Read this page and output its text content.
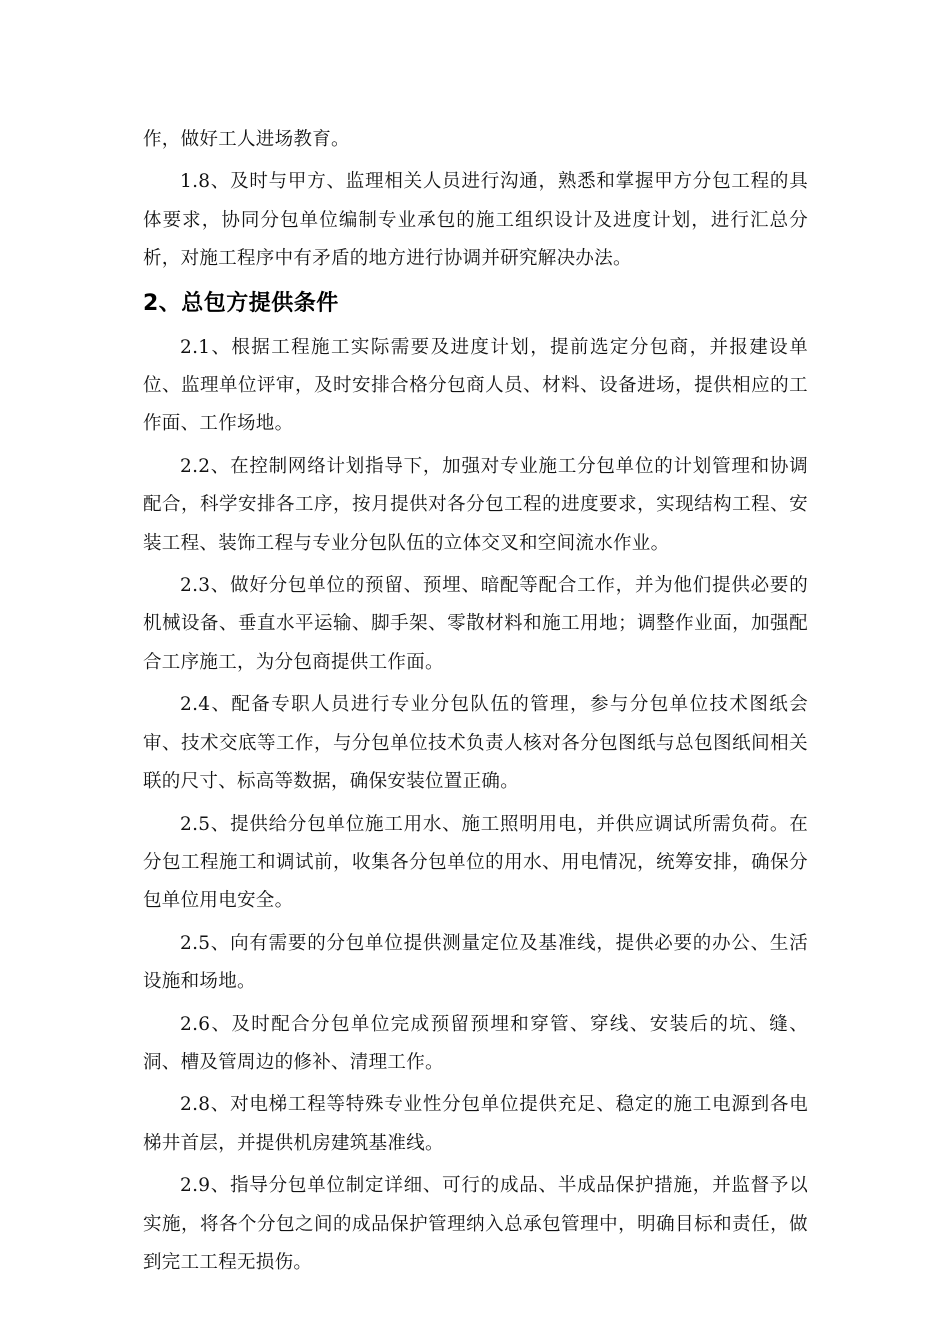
作，做好工人进场教育。

1.8、及时与甲方、监理相关人员进行沟通，熟悉和掌握甲方分包工程的具体要求，协同分包单位编制专业承包的施工组织设计及进度计划，进行汇总分析，对施工程序中有矛盾的地方进行协调并研究解决办法。

2、总包方提供条件

2.1、根据工程施工实际需要及进度计划，提前选定分包商，并报建设单位、监理单位评审，及时安排合格分包商人员、材料、设备进场，提供相应的工作面、工作场地。

2.2、在控制网络计划指导下，加强对专业施工分包单位的计划管理和协调配合，科学安排各工序，按月提供对各分包工程的进度要求，实现结构工程、安装工程、装饰工程与专业分包队伍的立体交叉和空间流水作业。

2.3、做好分包单位的预留、预埋、暗配等配合工作，并为他们提供必要的机械设备、垂直水平运输、脚手架、零散材料和施工用地；调整作业面，加强配合工序施工，为分包商提供工作面。

2.4、配备专职人员进行专业分包队伍的管理，参与分包单位技术图纸会审、技术交底等工作，与分包单位技术负责人核对各分包图纸与总包图纸间相关联的尺寸、标高等数据，确保安装位置正确。

2.5、提供给分包单位施工用水、施工照明用电，并供应调试所需负荷。在分包工程施工和调试前，收集各分包单位的用水、用电情况，统筹安排，确保分包单位用电安全。

2.5、向有需要的分包单位提供测量定位及基准线，提供必要的办公、生活设施和场地。

2.6、及时配合分包单位完成预留预埋和穿管、穿线、安装后的坑、缝、洞、槽及管周边的修补、清理工作。

2.8、对电梯工程等特殊专业性分包单位提供充足、稳定的施工电源到各电梯井首层，并提供机房建筑基准线。

2.9、指导分包单位制定详细、可行的成品、半成品保护措施，并监督予以实施，将各个分包之间的成品保护管理纳入总承包管理中，明确目标和责任，做到完工工程无损伤。
